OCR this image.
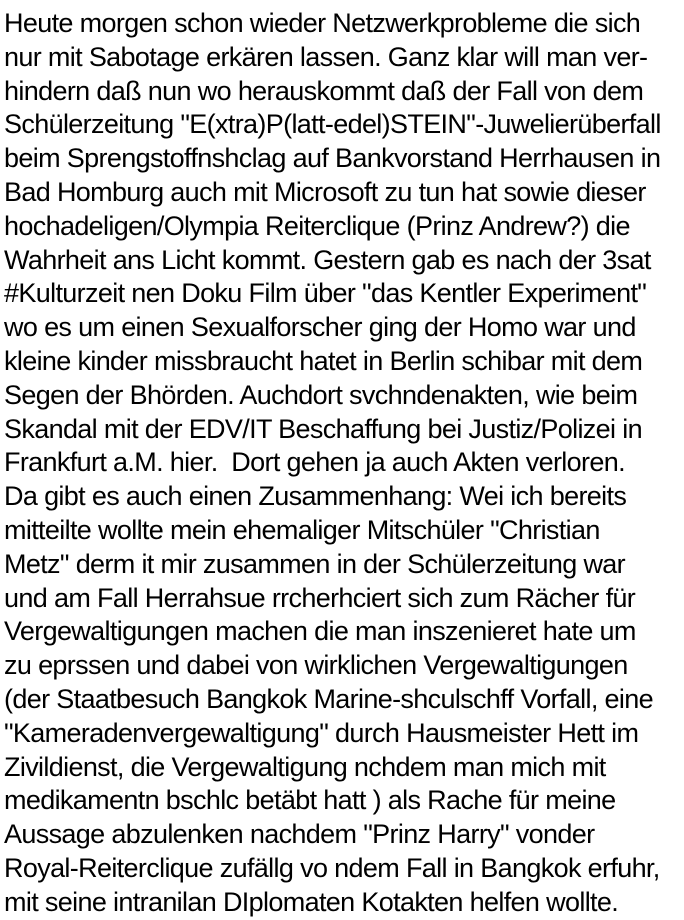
Heute morgen schon wieder Netzwerkprobleme die sich
nur mit Sabotage erkären lassen. Ganz klar will man ver-
hindern daß nun wo herauskommt daß der Fall von dem
Schülerzeitung "E(xtra)P(latt-edel)STEIN"-Juwelierüberfall
beim Sprengstoffnshclag auf Bankvorstand Herrhausen in
Bad Homburg auch mit Microsoft zu tun hat sowie dieser
hochadeligen/Olympia Reiterclique (Prinz Andrew?) die
Wahrheit ans Licht kommt. Gestern gab es nach der 3sat
#Kulturzeit nen Doku Film über "das Kentler Experiment"
wo es um einen Sexualforscher ging der Homo war und
kleine kinder missbraucht hatet in Berlin schibar mit dem
Segen der Bhörden. Auchdort svchndenakten, wie beim
Skandal mit der EDV/IT Beschaffung bei Justiz/Polizei in
Frankfurt a.M. hier.  Dort gehen ja auch Akten verloren.
Da gibt es auch einen Zusammenhang: Wei ich bereits
mitteilte wollte mein ehemaliger Mitschüler "Christian
Metz" derm it mir zusammen in der Schülerzeitung war
und am Fall Herrahsue rrcherhciert sich zum Rächer für
Vergewaltigungen machen die man inszenieret hate um
zu eprssen und dabei von wirklichen Vergewaltigungen
(der Staatbesuch Bangkok Marine-shculschff Vorfall, eine
"Kameradenvergewaltigung" durch Hausmeister Hett im
Zivildienst, die Vergewaltigung nchdem man mich mit
medikamentn bschlc betäbt hatt ) als Rache für meine
Aussage abzulenken nachdem "Prinz Harry" vonder
Royal-Reiterclique zufällg vo ndem Fall in Bangkok erfuhr,
mit seine intranilan DIplomaten Kotakten helfen wollte.
